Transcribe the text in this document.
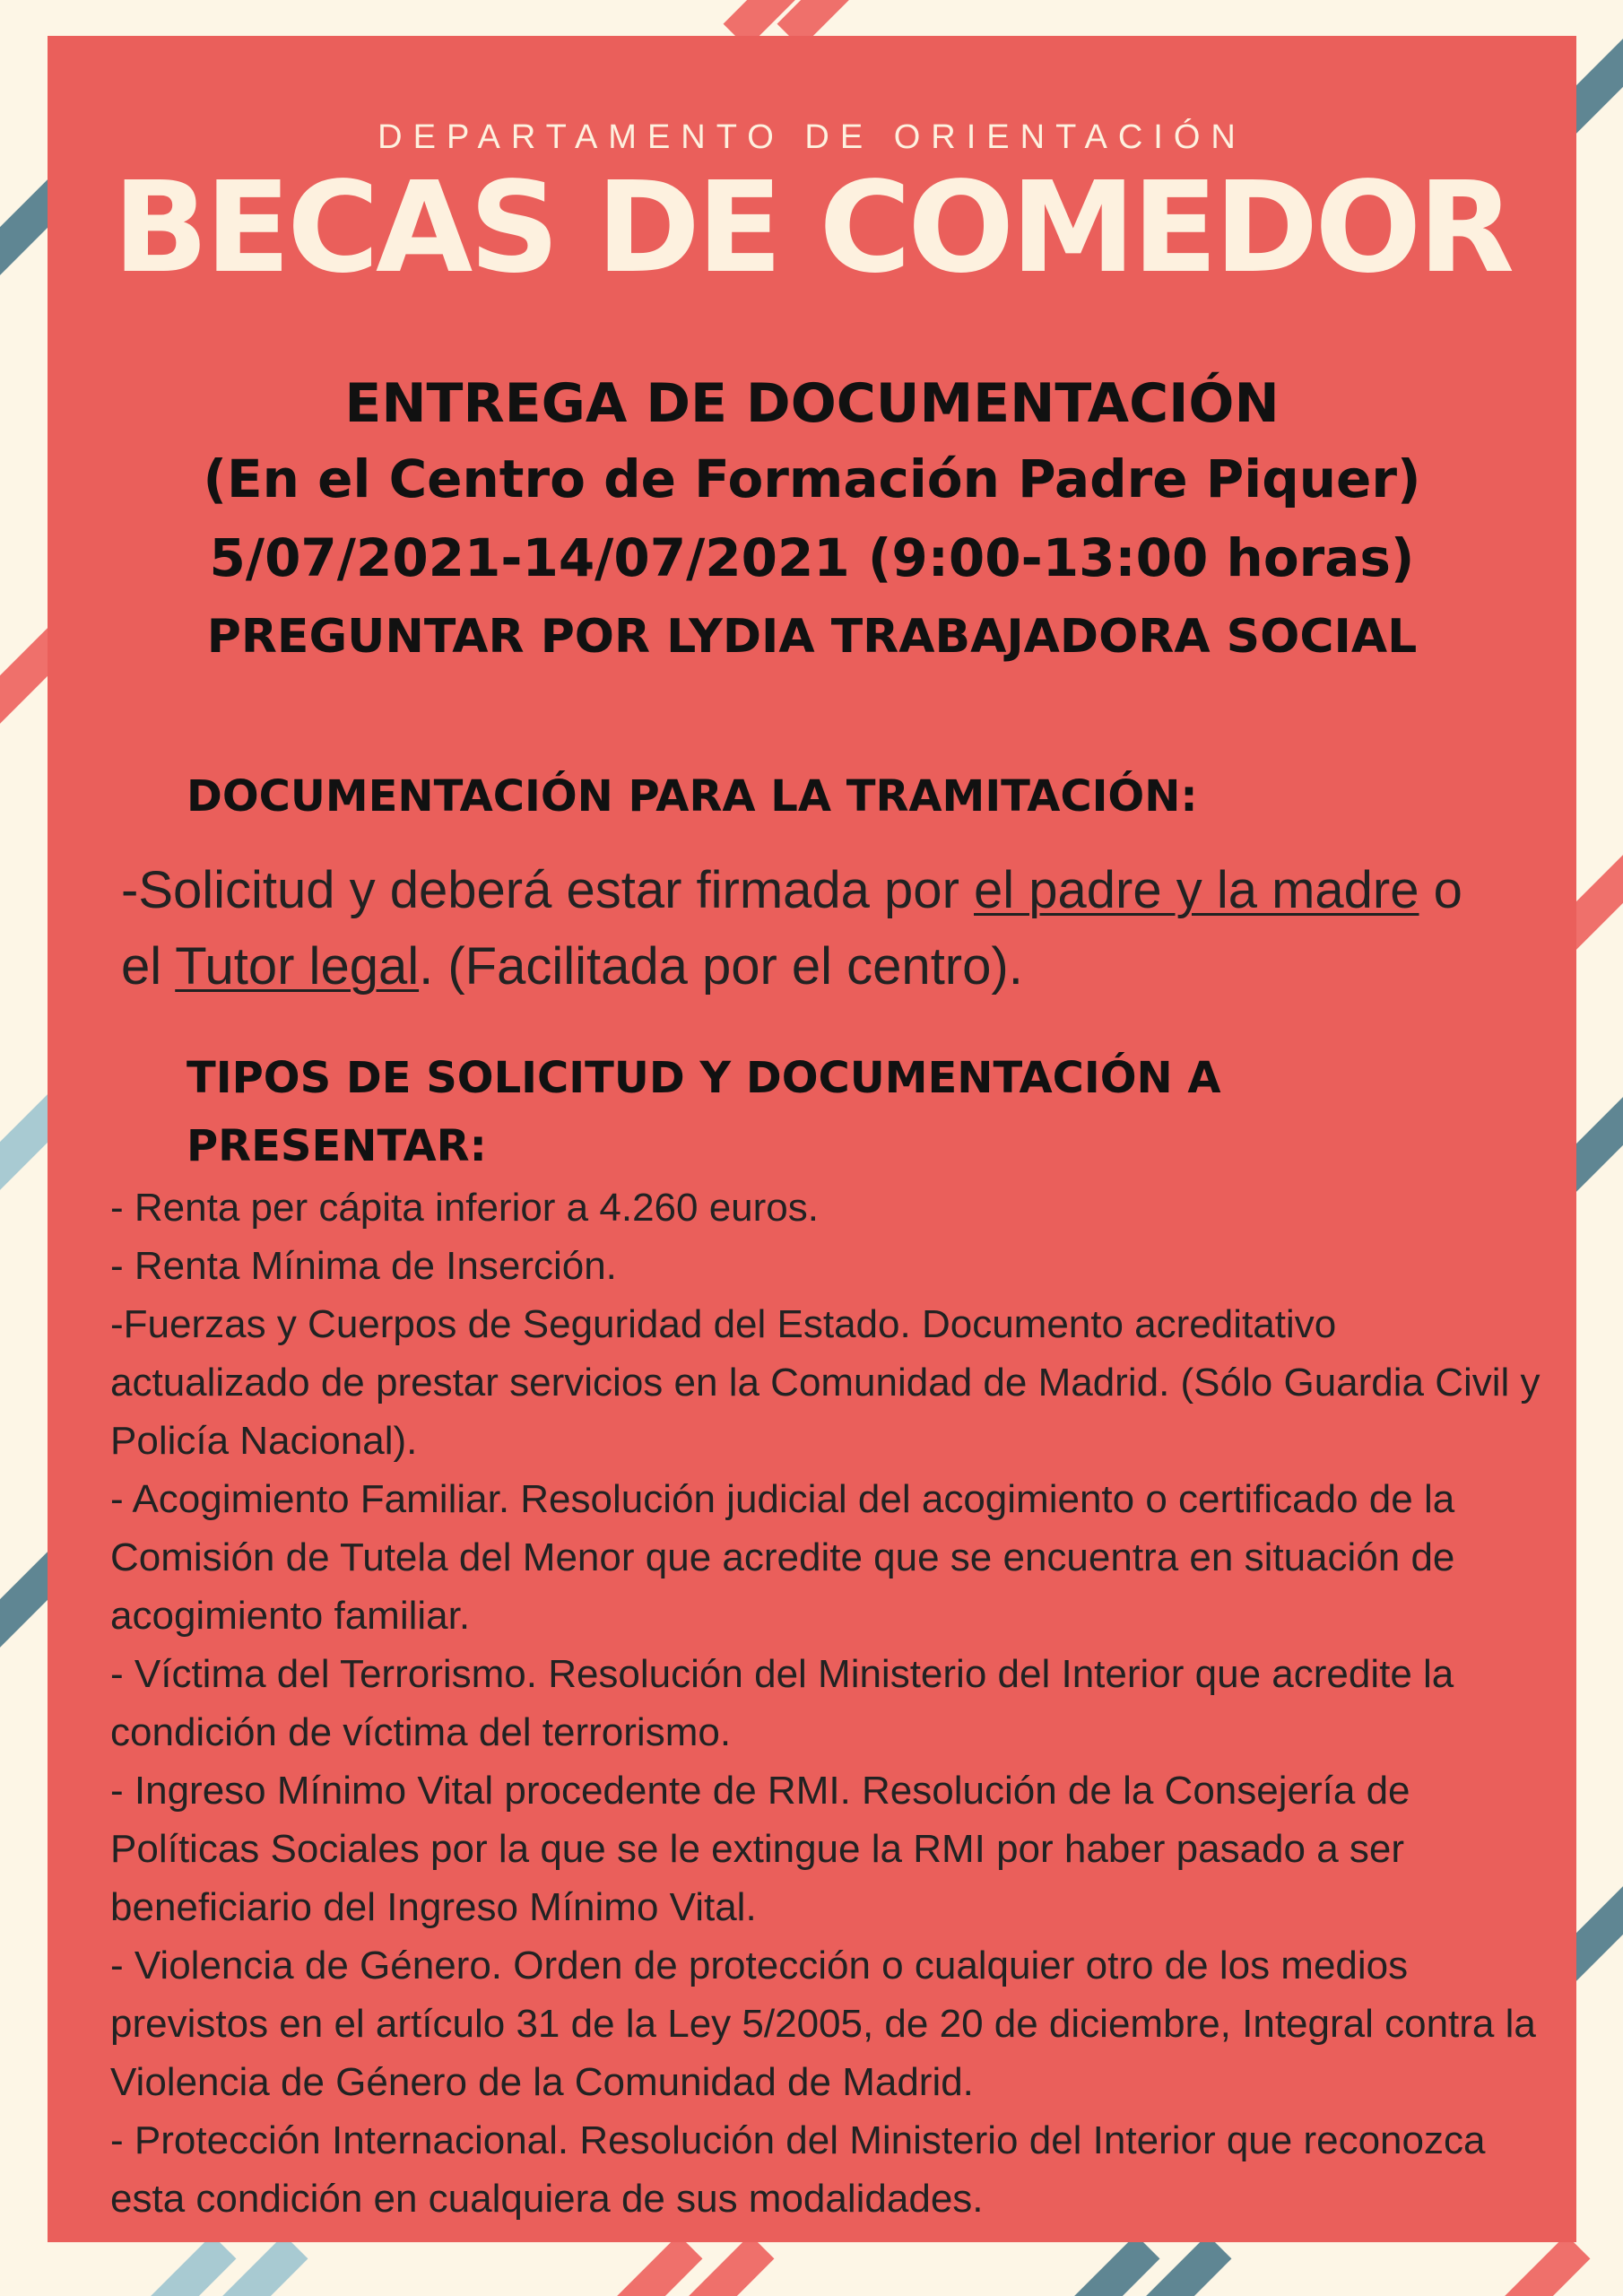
DEPARTAMENTO DE ORIENTACIÓN

BECAS DE COMEDOR

ENTREGA DE DOCUMENTACIÓN

(En el Centro de Formación Padre Piquer)

5/07/2021-14/07/2021 (9:00-13:00 horas)

PREGUNTAR POR LYDIA TRABAJADORA SOCIAL

DOCUMENTACIÓN PARA LA TRAMITACIÓN:

-Solicitud y deberá estar firmada por el padre y la madre o el Tutor legal. (Facilitada por el centro).

TIPOS DE SOLICITUD Y DOCUMENTACIÓN A
PRESENTAR:

- Renta per cápita inferior a 4.260 euros.
- Renta Mínima de Inserción.
-Fuerzas y Cuerpos de Seguridad del Estado. Documento acreditativo actualizado de prestar servicios en la Comunidad de Madrid. (Sólo Guardia Civil y Policía Nacional).
- Acogimiento Familiar. Resolución judicial del acogimiento o certificado de la Comisión de Tutela del Menor que acredite que se encuentra en situación de acogimiento familiar.
- Víctima del Terrorismo. Resolución del Ministerio del Interior que acredite la condición de víctima del terrorismo.
- Ingreso Mínimo Vital procedente de RMI. Resolución de la Consejería de Políticas Sociales por la que se le extingue la RMI por haber pasado a ser beneficiario del Ingreso Mínimo Vital.
- Violencia de Género. Orden de protección o cualquier otro de los medios previstos en el artículo 31 de la Ley 5/2005, de 20 de diciembre, Integral contra la Violencia de Género de la Comunidad de Madrid.
- Protección Internacional. Resolución del Ministerio del Interior que reconozca esta condición en cualquiera de sus modalidades.
